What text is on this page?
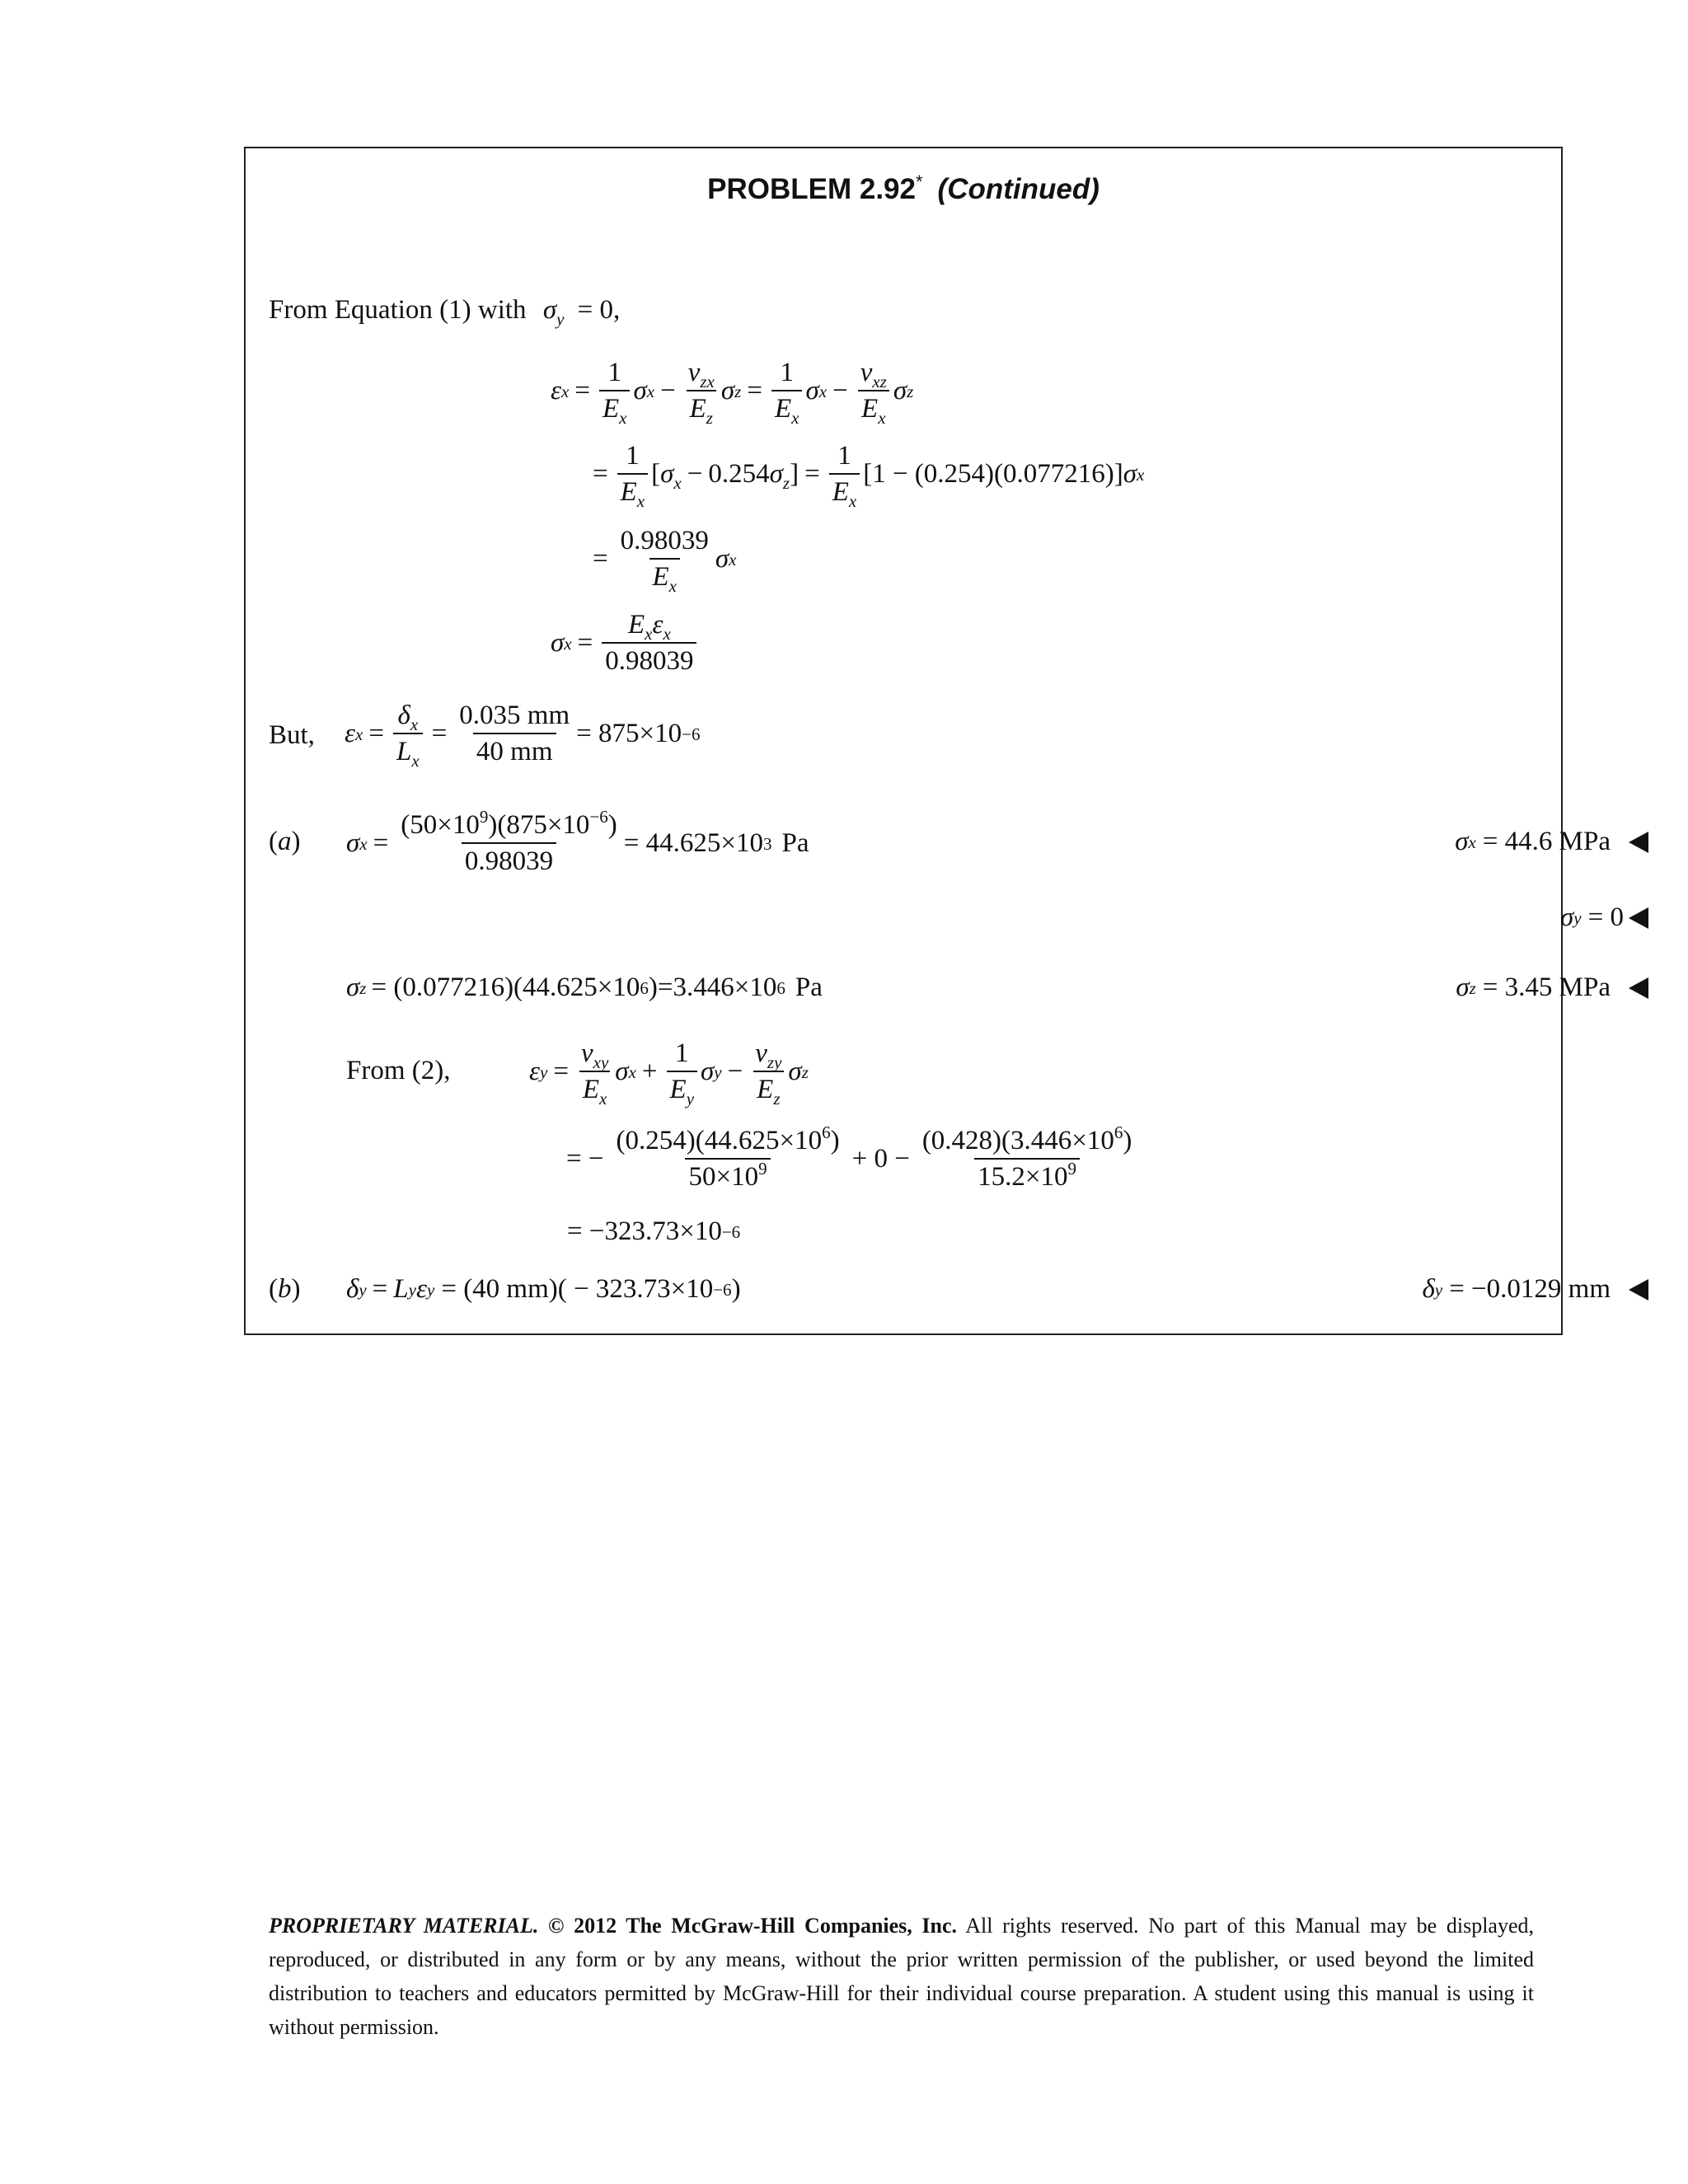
PROBLEM 2.92* (Continued)
From Equation (1) with $\sigma_y = 0$,
ε $x = \frac{1}{E_x}$ σ x −
$\nu_{zx}$
$E_z$
σ $z = \frac{1}{E_x}$ σ x −
$\nu_{xz}$
$E_x$
σ z
= $\frac{1}{E_x} [\sigma_x - 0.254\sigma_z] = \frac{1}{E_x} [1 - (0.254)(0.077216)]$ σ x
= $\frac{0.98039}{E_x}$ σ x
σ x =
$E_x\varepsilon_x$
0.98039
But, ε $x = \frac{\delta_x}{L_x} = \frac{0.035 mm}{40 mm} = 875\times 10 -6$
(a) σ $x = \frac{(50\times 10^9)(875\times 10^{-6})}{0.98039} = 44.625\times 10$ 3 Pa	σ x = 44.6 MPa
σ y = 0
σ z = (0.077216)(44.625×10 6 )=3.446×10 6 Pa	σ z = 3.45 MPa
From (2),	ε y =
$\nu_{xy}$
$E_x$
σ $x + \frac{1}{E_y}$ σ y −
$\nu_{zy}$
$E_z$
σ z
= − $\frac{(0.254)(44.625\times 10^6)}{50\times 10^9} + 0 - \frac{(0.428)(3.446\times 10^6)}{15.2\times 10^9}$
= −323.73×10 −6
(b) δ y = L y ε y = (40 mm)( − 323.73×10 −6 )	δ y = −0.0129 mm
PROPRIETARY MATERIAL. © 2012 The McGraw-Hill Companies, Inc. All rights reserved. No part of this Manual may be displayed, reproduced, or distributed in any form or by any means, without the prior written permission of the publisher, or used beyond the limited distribution to teachers and educators permitted by McGraw-Hill for their individual course preparation. A student using this manual is using it without permission.
